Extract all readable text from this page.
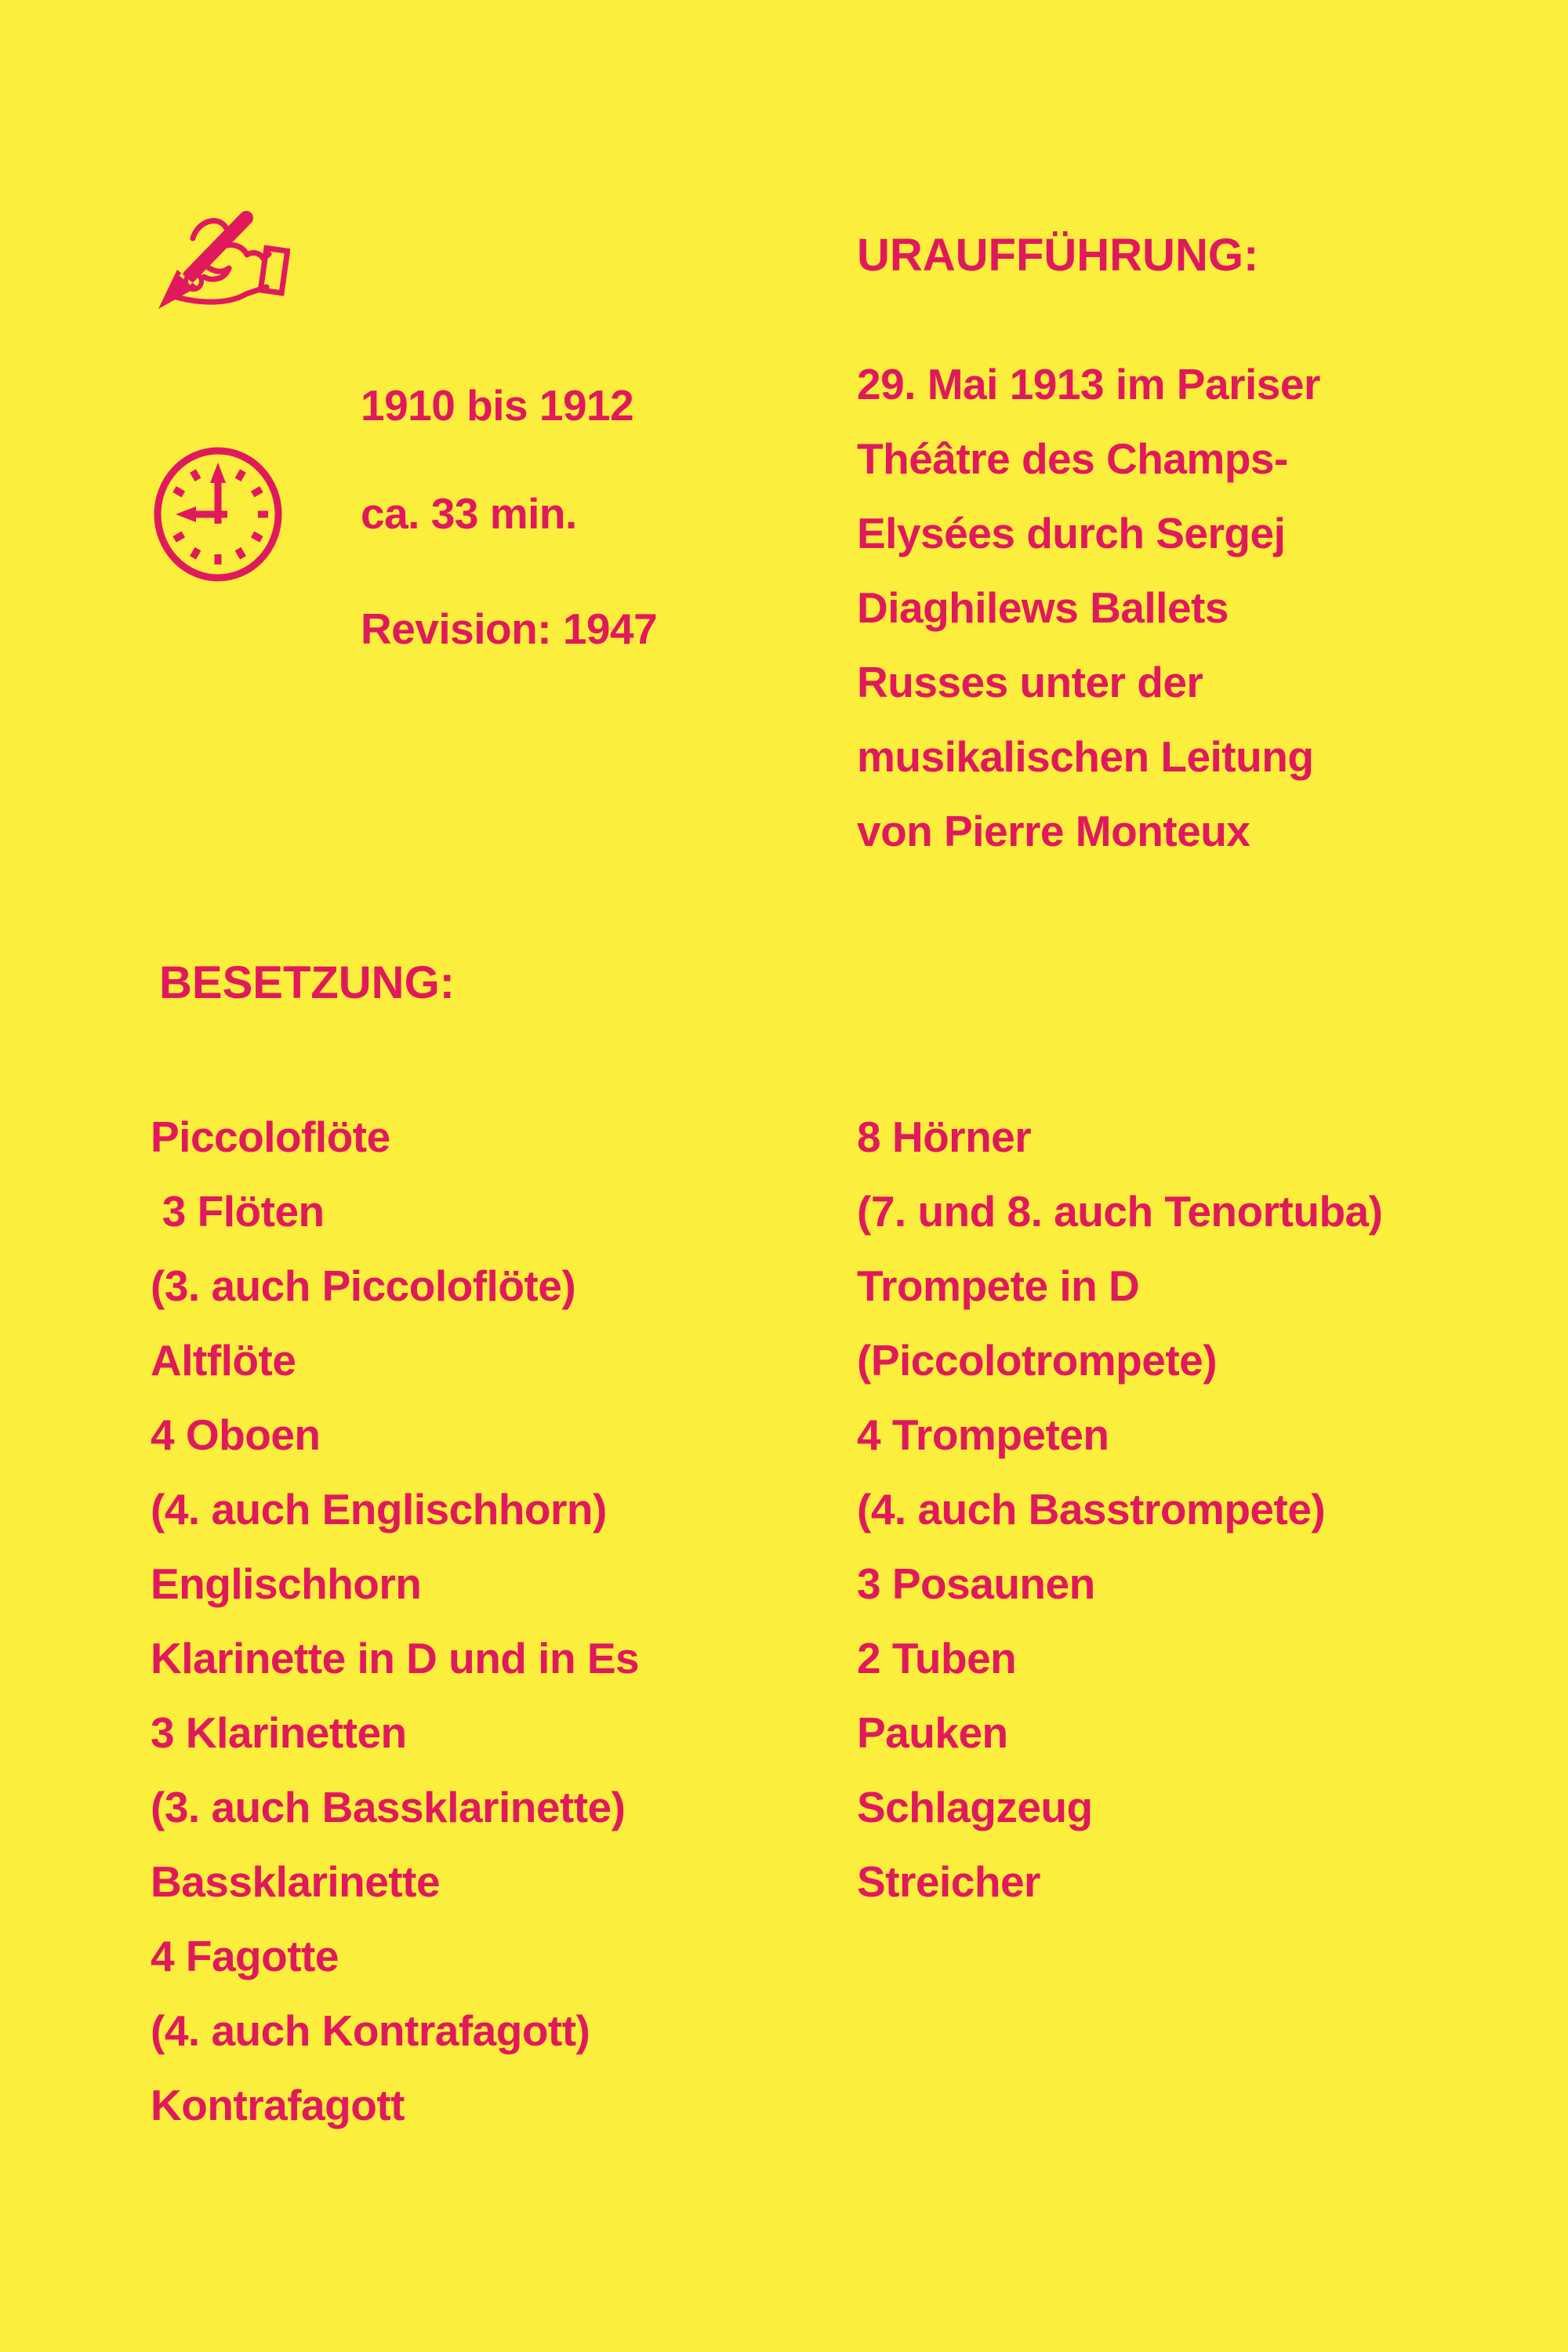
1910 bis 1912

Revision: 1947

ca. 33 min.
URAUFFÜHRUNG:
29. Mai 1913 im Pariser
Théâtre des Champs-
Elysées durch Sergej
Diaghilews Ballets
Russes unter der
musikalischen Leitung
von Pierre Monteux
BESETZUNG:
Piccoloflöte
3 Flöten
(3. auch Piccoloflöte)
Altflöte
4 Oboen
(4. auch Englischhorn)
Englischhorn
Klarinette in D und in Es
3 Klarinetten
(3. auch Bassklarinette)
Bassklarinette
4 Fagotte
(4. auch Kontrafagott)
Kontrafagott
8 Hörner
(7. und 8. auch Tenortuba)
Trompete in D
(Piccolotrompete)
4 Trompeten
(4. auch Basstrompete)
3 Posaunen
2 Tuben
Pauken
Schlagzeug
Streicher
